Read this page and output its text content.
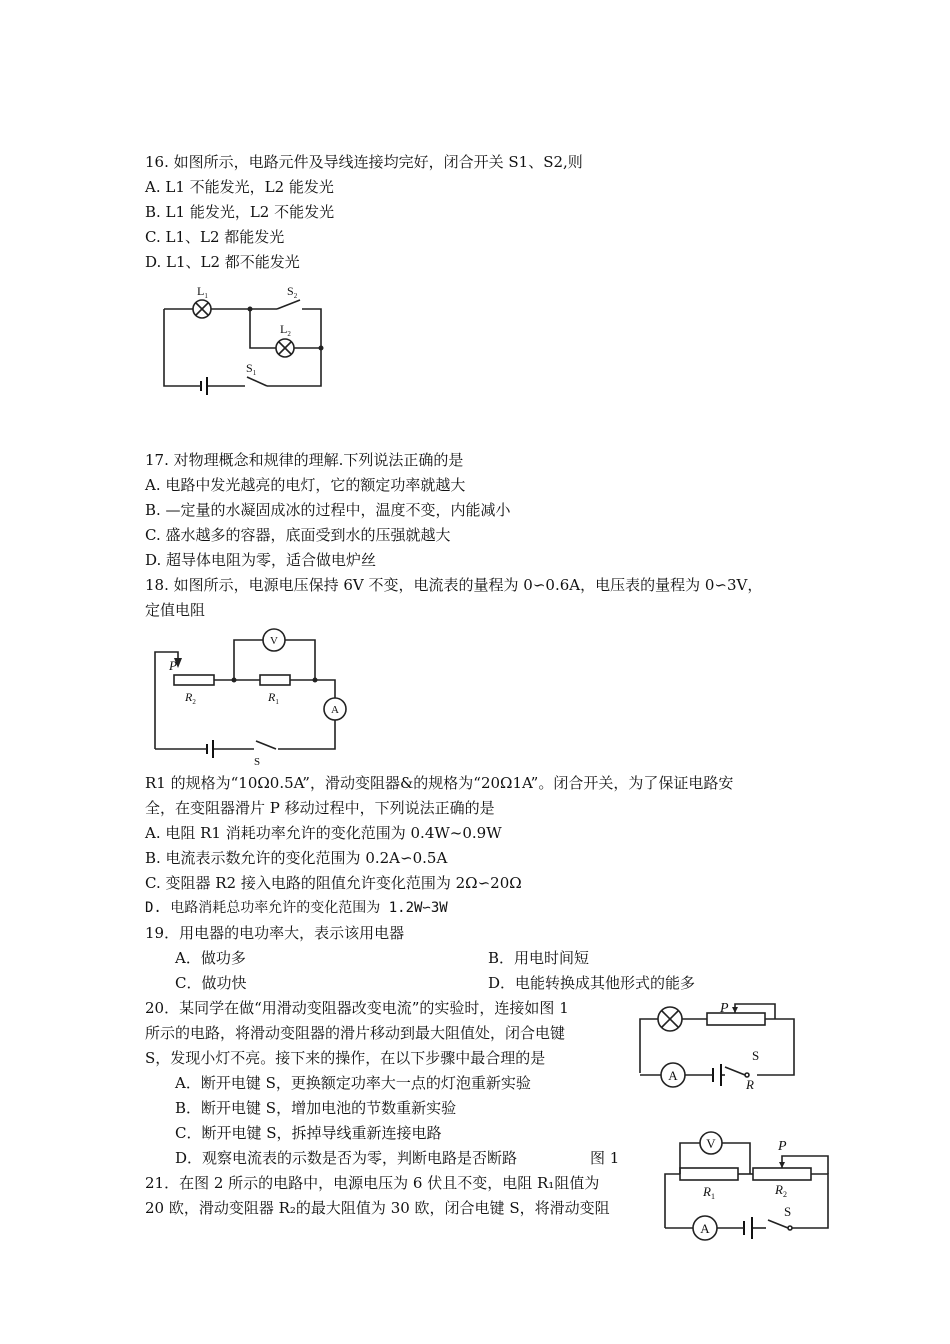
16. 如图所示，电路元件及导线连接均完好，闭合开关 S1、S2,则
A. L1 不能发光，L2 能发光
B. L1 能发光，L2 不能发光
C. L1、L2 都能发光
D. L1、L2 都不能发光
$L_1$	$S_2$
$L_2$
$S_1$
17. 对物理概念和规律的理解.下列说法正确的是
A. 电路中发光越亮的电灯，它的额定功率就越大
B. —定量的水凝固成冰的过程中，温度不变，内能减小
C. 盛水越多的容器，底面受到水的压强就越大
D. 超导体电阻为零，适合做电炉丝
18. 如图所示，电源电压保持 6V 不变，电流表的量程为 0∽0.6A，电压表的量程为 0∽3V，
定值电阻
P
$R_2$	$R_1$
V
A
S
R1 的规格为“10Ω0.5A”，滑动变阻器&的规格为“20Ω1A”。闭合开关，为了保证电路安
全，在变阻器滑片 P 移动过程中，下列说法正确的是
A. 电阻 R1 消耗功率允许的变化范围为 0.4W~0.9W
B. 电流表示数允许的变化范围为 0.2A∽0.5A
C. 变阻器 R2 接入电路的阻值允许变化范围为 2Ω∽20Ω
D. 电路消耗总功率允许的变化范围为 1.2W∽3W
19．用电器的电功率大，表示该用电器
A．做功多	B．用电时间短
C．做功快	D．电能转换成其他形式的能多
20．某同学在做“用滑动变阻器改变电流”的实验时，连接如图 1
所示的电路，将滑动变阻器的滑片移动到最大阻值处，闭合电键
S，发现小灯不亮。接下来的操作，在以下步骤中最合理的是
A．断开电键 S，更换额定功率大一点的灯泡重新实验
B．断开电键 S，增加电池的节数重新实验
C．断开电键 S，拆掉导线重新连接电路
D．观察电流表的示数是否为零，判断电路是否断路	图 1
A
P
S
R
21．在图 2 所示的电路中，电源电压为 6 伏且不变，电阻 R₁阻值为
20 欧，滑动变阻器 R₂的最大阻值为 30 欧，闭合电键 S，将滑动变阻
V
A
P
$R_1$	$R_2$
S
